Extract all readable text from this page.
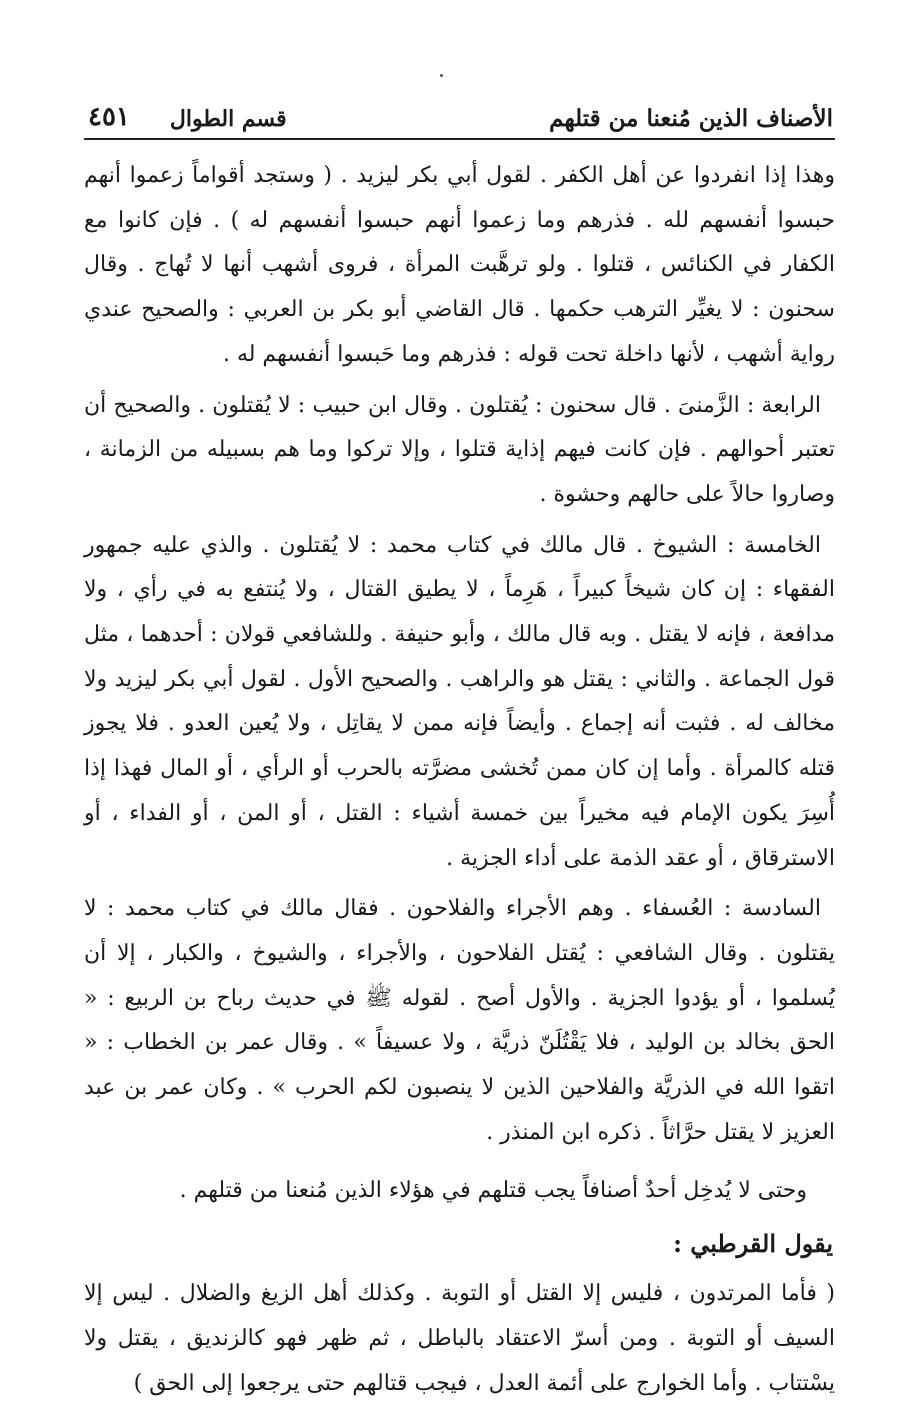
الأصناف الذين مُنعنا من قتلهم
قسم الطوال
٤٥١

وهذا إذا انفردوا عن أهل الكفر . لقول أبي بكر ليزيد . ( وستجد أقواماً زعموا أنهم حبسوا أنفسهم لله . فذرهم وما زعموا أنهم حبسوا أنفسهم له ) . فإن كانوا مع الكفار في الكنائس ، قتلوا . ولو ترهَّبت المرأة ، فروى أشهب أنها لا تُهاج . وقال سحنون : لا يغيِّر الترهب حكمها . قال القاضي أبو بكر بن العربي : والصحيح عندي رواية أشهب ، لأنها داخلة تحت قوله : فذرهم وما حَبسوا أنفسهم له .

الرابعة : الزَّمنىَ . قال سحنون : يُقتلون . وقال ابن حبيب : لا يُقتلون . والصحيح أن تعتبر أحوالهم . فإن كانت فيهم إذاية قتلوا ، وإلا تركوا وما هم بسبيله من الزمانة ، وصاروا حالاً على حالهم وحشوة .

الخامسة : الشيوخ . قال مالك في كتاب محمد : لا يُقتلون . والذي عليه جمهور الفقهاء : إن كان شيخاً كبيراً ، هَرِماً ، لا يطيق القتال ، ولا يُنتفع به في رأي ، ولا مدافعة ، فإنه لا يقتل . وبه قال مالك ، وأبو حنيفة . وللشافعي قولان : أحدهما ، مثل قول الجماعة . والثاني : يقتل هو والراهب . والصحيح الأول . لقول أبي بكر ليزيد ولا مخالف له . فثبت أنه إجماع . وأيضاً فإنه ممن لا يقاتِل ، ولا يُعين العدو . فلا يجوز قتله كالمرأة . وأما إن كان ممن تُخشى مضرَّته بالحرب أو الرأي ، أو المال فهذا إذا أُسِرَ يكون الإمام فيه مخيراً بين خمسة أشياء : القتل ، أو المن ، أو الفداء ، أو الاسترقاق ، أو عقد الذمة على أداء الجزية .

السادسة : العُسفاء . وهم الأجراء والفلاحون . فقال مالك في كتاب محمد : لا يقتلون . وقال الشافعي : يُقتل الفلاحون ، والأجراء ، والشيوخ ، والكبار ، إلا أن يُسلموا ، أو يؤدوا الجزية . والأول أصح . لقوله ﷺ في حديث رباح بن الربيع : « الحق بخالد بن الوليد ، فلا يَقْتُلَنّ ذريَّة ، ولا عسيفاً » . وقال عمر بن الخطاب : « اتقوا الله في الذريَّة والفلاحين الذين لا ينصبون لكم الحرب » . وكان عمر بن عبد العزيز لا يقتل حرَّاثاً . ذكره ابن المنذر .

وحتى لا يُدخِل أحدٌ أصنافاً يجب قتلهم في هؤلاء الذين مُنعنا من قتلهم .

يقول القرطبي :

( فأما المرتدون ، فليس إلا القتل أو التوبة . وكذلك أهل الزيغ والضلال . ليس إلا السيف أو التوبة . ومن أسرّ الاعتقاد بالباطل ، ثم ظهر فهو كالزنديق ، يقتل ولا يسْتتاب . وأما الخوارج على أئمة العدل ، فيجب قتالهم حتى يرجعوا إلى الحق )
